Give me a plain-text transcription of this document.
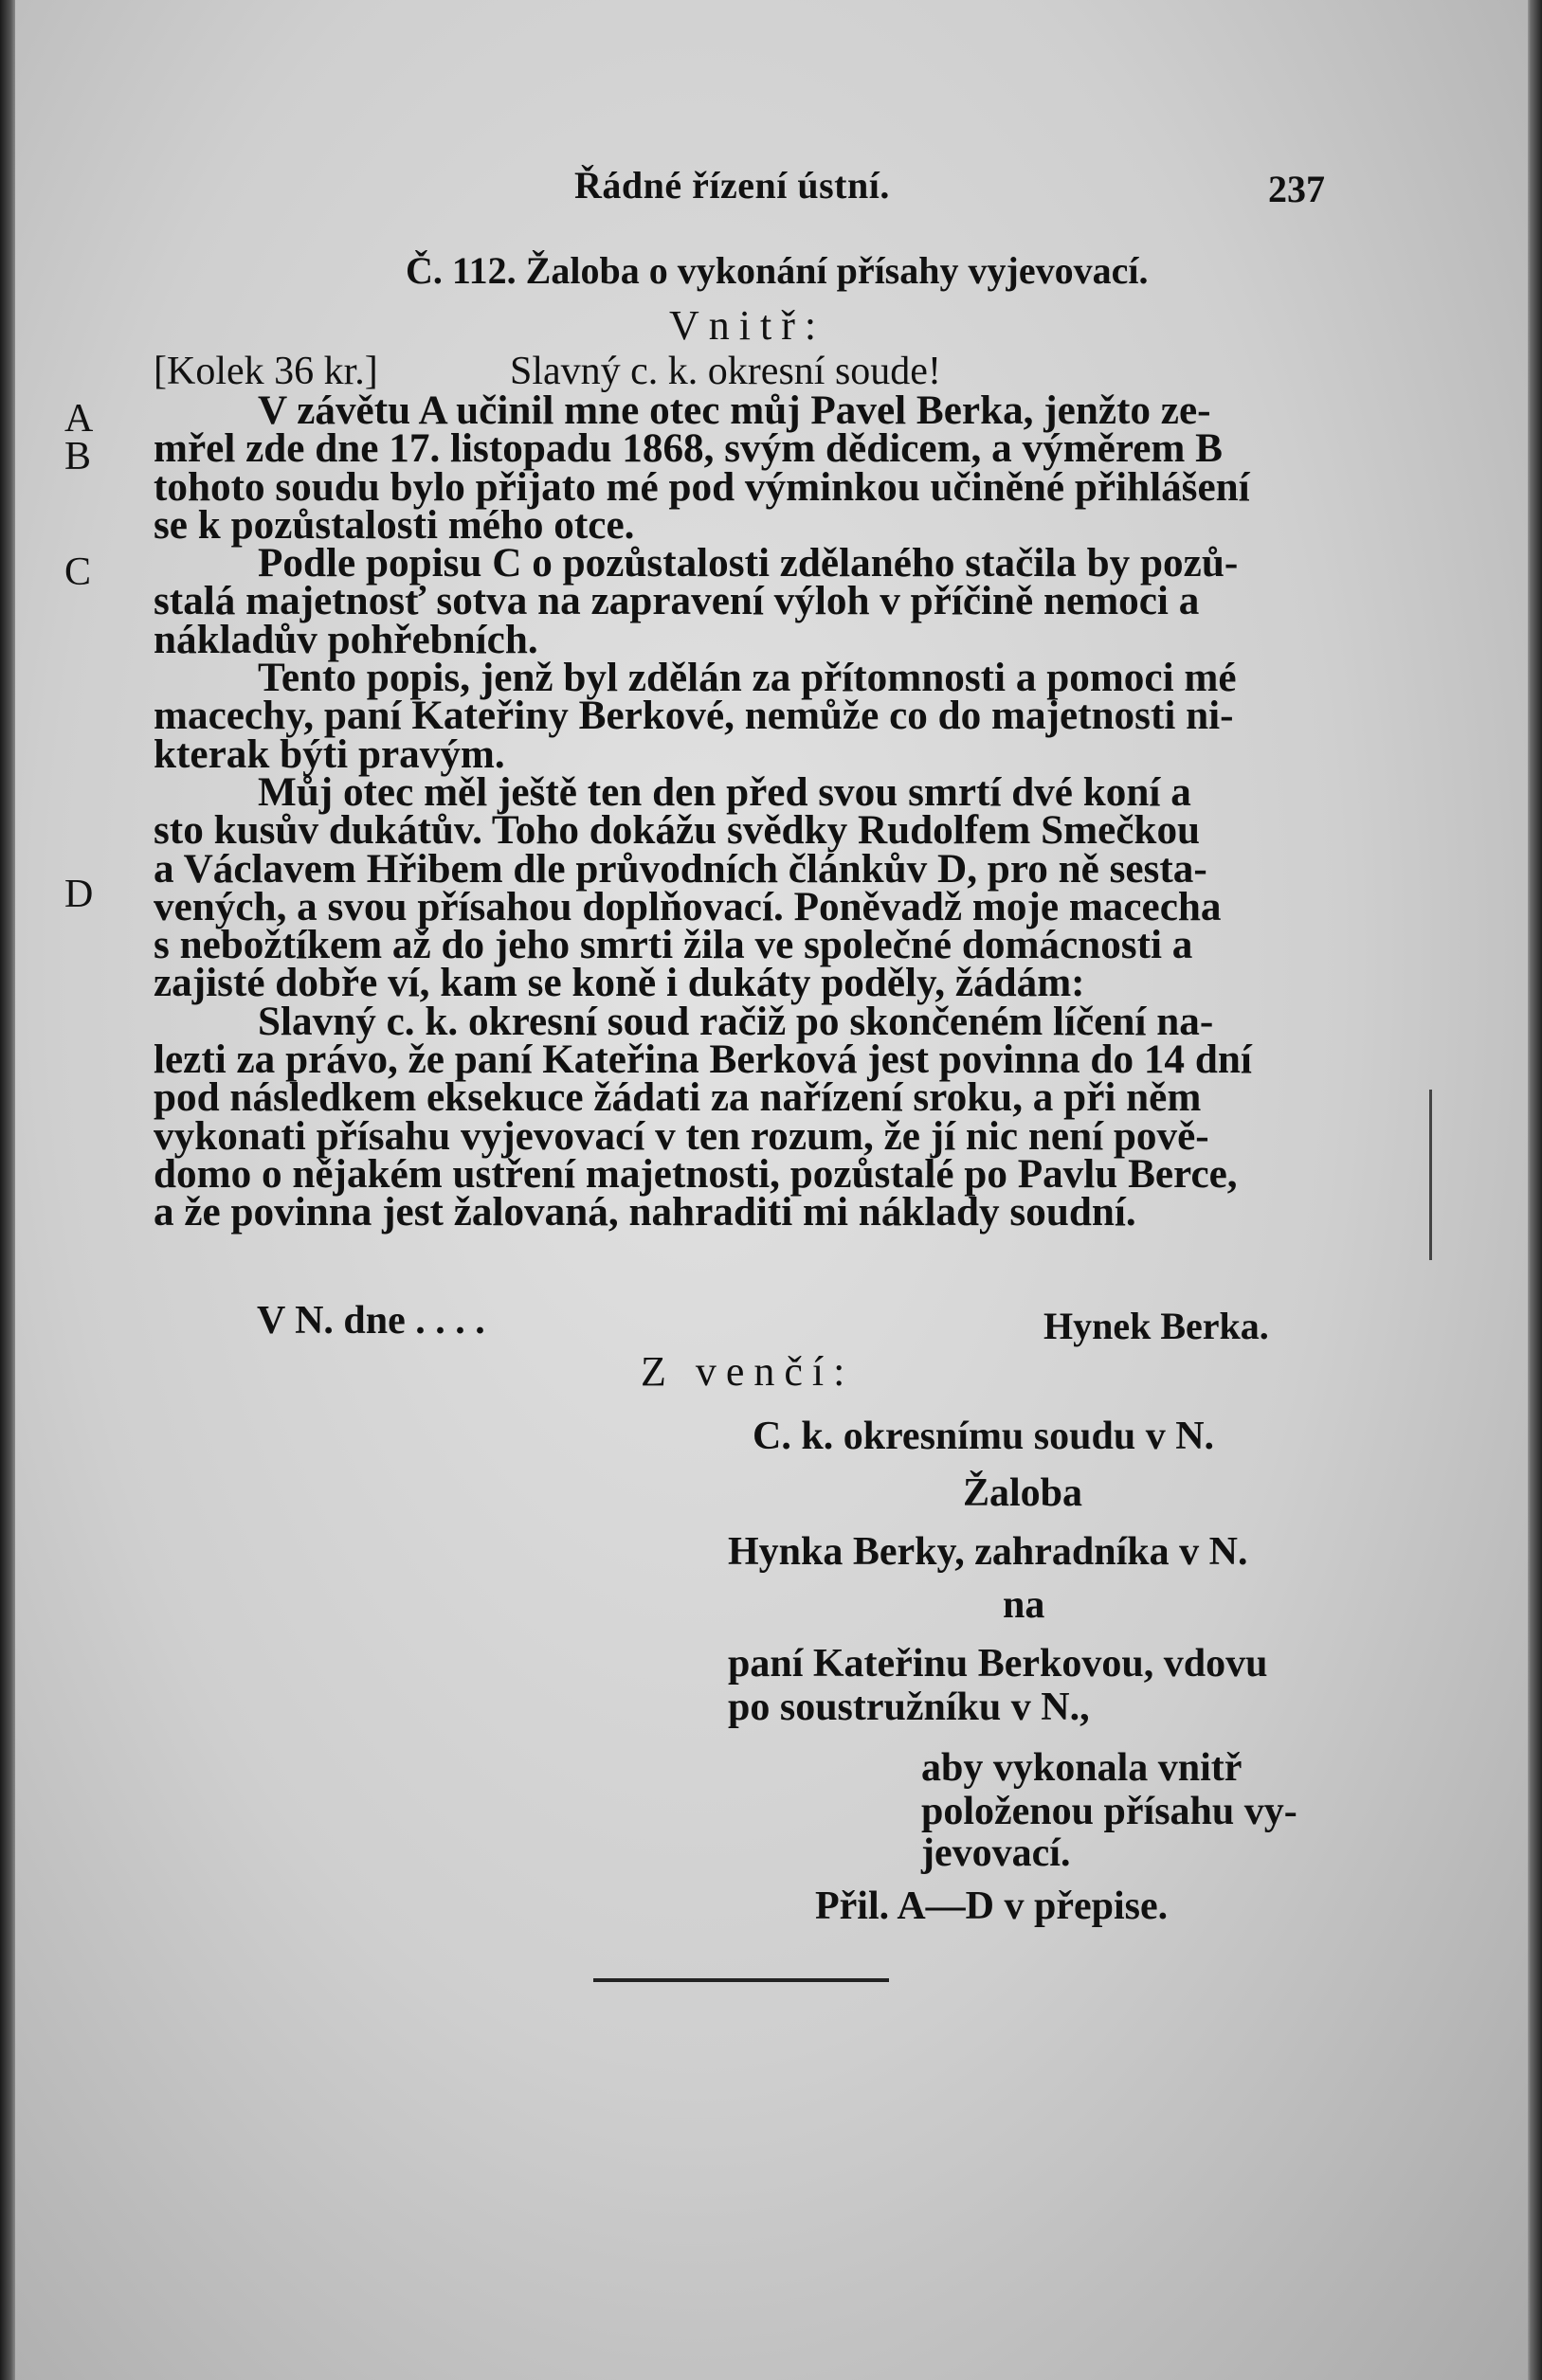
Řádné řízení ústní.	237
Č. 112. Žaloba o vykonání přísahy vyjevovací.
Vnitř:
[Kolek 36 kr.]	Slavný c. k. okresní soude!
A
B
C
D
V závětu A učinil mne otec můj Pavel Berka, jenžto ze-
mřel zde dne 17. listopadu 1868, svým dědicem, a výměrem B
tohoto soudu bylo přijato mé pod výminkou učiněné přihlášení
se k pozůstalosti mého otce.
Podle popisu C o pozůstalosti zdělaného stačila by pozů-
stalá majetnosť sotva na zapravení výloh v příčině nemoci a
nákladův pohřebních.
Tento popis, jenž byl zdělán za přítomnosti a pomoci mé
macechy, paní Kateřiny Berkové, nemůže co do majetnosti ni-
kterak býti pravým.
Můj otec měl ještě ten den před svou smrtí dvé koní a
sto kusův dukátův. Toho dokážu svědky Rudolfem Smečkou
a Václavem Hřibem dle průvodních článkův D, pro ně sesta-
vených, a svou přísahou doplňovací. Poněvadž moje macecha
s nebožtíkem až do jeho smrti žila ve společné domácnosti a
zajisté dobře ví, kam se koně i dukáty poděly, žádám:
Slavný c. k. okresní soud račiž po skončeném líčení na-
lezti za právo, že paní Kateřina Berková jest povinna do 14 dní
pod následkem eksekuce žádati za nařízení sroku, a při něm
vykonati přísahu vyjevovací v ten rozum, že jí nic není pově-
domo o nějakém ustření majetnosti, pozůstalé po Pavlu Berce,
a že povinna jest žalovaná, nahraditi mi náklady soudní.
V N. dne . . . .	Hynek Berka.
Z venčí:
C. k. okresnímu soudu v N.
Žaloba
Hynka Berky, zahradníka v N.
na
paní Kateřinu Berkovou, vdovu
po soustružníku v N.,
aby vykonala vnitř
položenou přísahu vy-
jevovací.
Přil. A—D v přepise.
